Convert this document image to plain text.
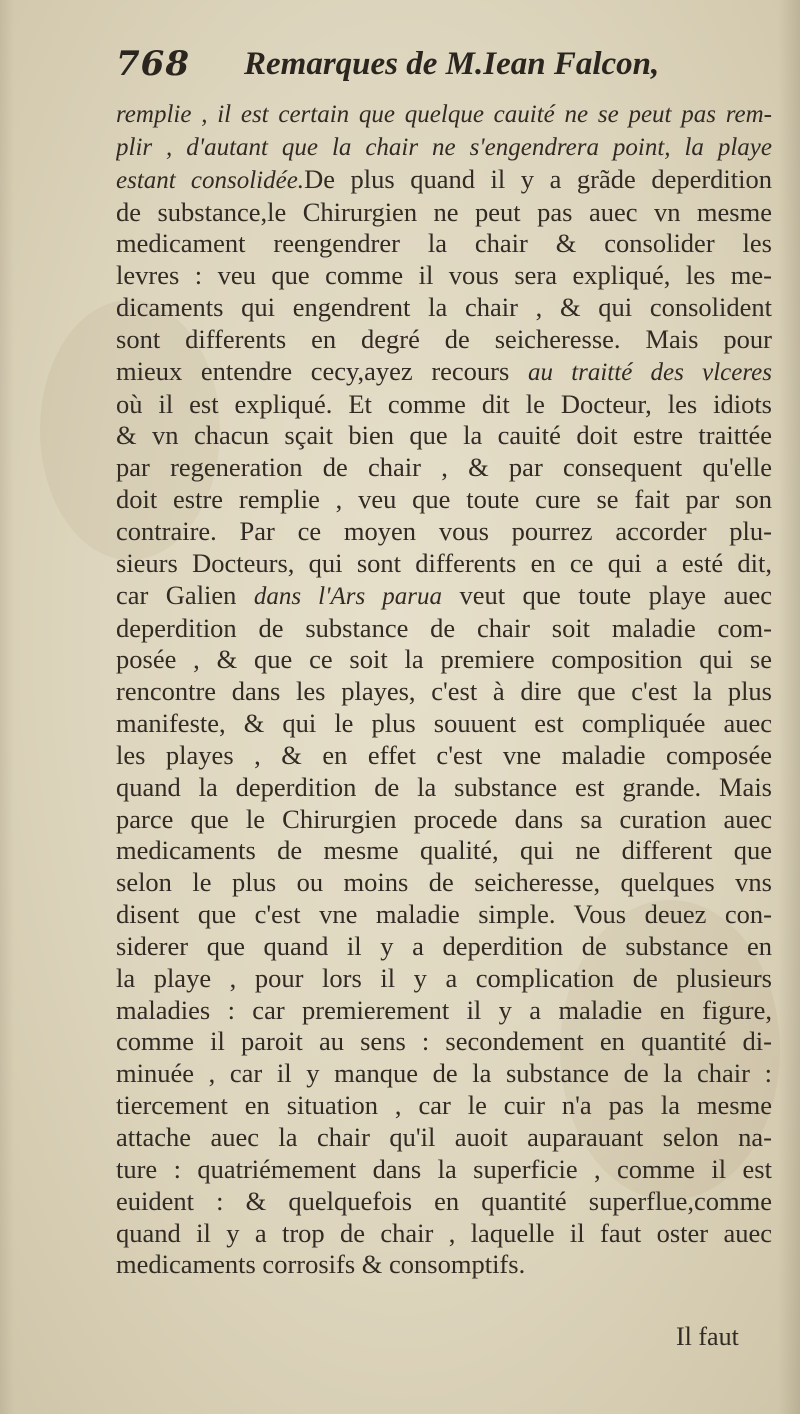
768 Remarques de M.Iean Falcon,
remplie , il est certain que quelque cauité ne se peut pas rem-
plir , d'autant que la chair ne s'engendrera point, la playe
estant consolidée.De plus quand il y a grãde deperdition
de substance,le Chirurgien ne peut pas auec vn mesme
medicament reengendrer la chair & consolider les
levres : veu que comme il vous sera expliqué, les me-
dicaments qui engendrent la chair , & qui consolident
sont differents en degré de seicheresse. Mais pour
mieux entendre cecy,ayez recours au traitté des vlceres
où il est expliqué. Et comme dit le Docteur, les idiots
& vn chacun sçait bien que la cauité doit estre traittée
par regeneration de chair , & par consequent qu'elle
doit estre remplie , veu que toute cure se fait par son
contraire. Par ce moyen vous pourrez accorder plu-
sieurs Docteurs, qui sont differents en ce qui a esté dit,
car Galien dans l'Ars parua veut que toute playe auec
deperdition de substance de chair soit maladie com-
posée , & que ce soit la premiere composition qui se
rencontre dans les playes, c'est à dire que c'est la plus
manifeste, & qui le plus souuent est compliquée auec
les playes , & en effet c'est vne maladie composée
quand la deperdition de la substance est grande. Mais
parce que le Chirurgien procede dans sa curation auec
medicaments de mesme qualité, qui ne different que
selon le plus ou moins de seicheresse, quelques vns
disent que c'est vne maladie simple. Vous deuez con-
siderer que quand il y a deperdition de substance en
la playe , pour lors il y a complication de plusieurs
maladies : car premierement il y a maladie en figure,
comme il paroit au sens : secondement en quantité di-
minuée , car il y manque de la substance de la chair :
tiercement en situation , car le cuir n'a pas la mesme
attache auec la chair qu'il auoit auparauant selon na-
ture : quatriémement dans la superficie , comme il est
euident : & quelquefois en quantité superflue,comme
quand il y a trop de chair , laquelle il faut oster auec
medicaments corrosifs & consomptifs.
Il faut
